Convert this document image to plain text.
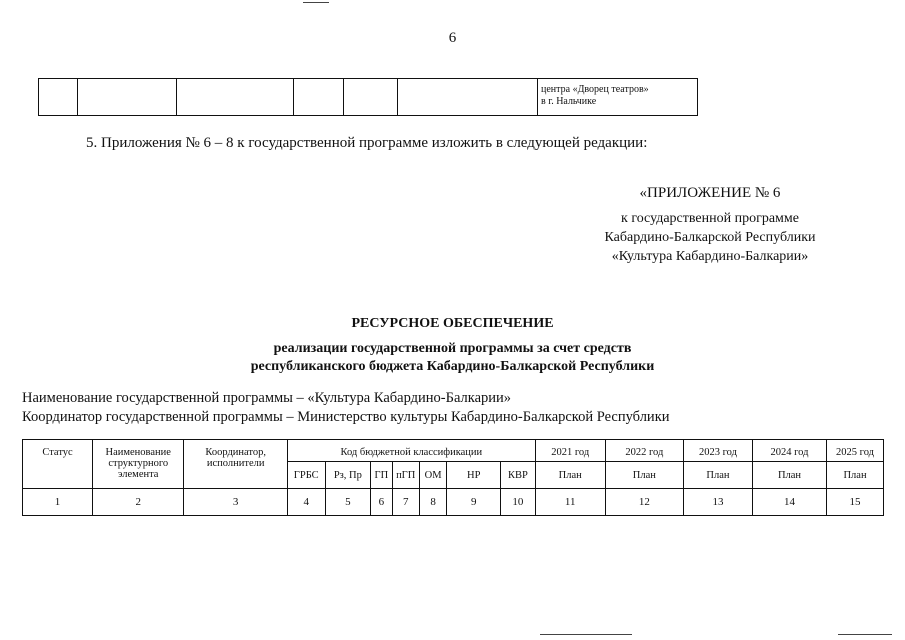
6

центра «Дворец театров»
в г. Нальчике

5. Приложения № 6 – 8 к государственной программе изложить в следующей редакции:
«ПРИЛОЖЕНИЕ № 6
к государственной программе
Кабардино-Балкарской Республики
«Культура Кабардино-Балкарии»
РЕСУРСНОЕ ОБЕСПЕЧЕНИЕ
реализации государственной программы за счет средств
республиканского бюджета Кабардино-Балкарской Республики
Наименование государственной программы – «Культура Кабардино-Балкарии»
Координатор государственной программы – Министерство культуры Кабардино-Балкарской Республики
Статус	Наименование структурного элемента	Координатор, исполнители	Код бюджетной классификации							2021 год	2022 год	2023 год	2024 год	2025 год
			ГРБС	Рз, Пр	ГП	пГП	ОМ	НР	КВР	План	План	План	План	План
1	2	3	4	5	6	7	8	9	10	11	12	13	14	15
